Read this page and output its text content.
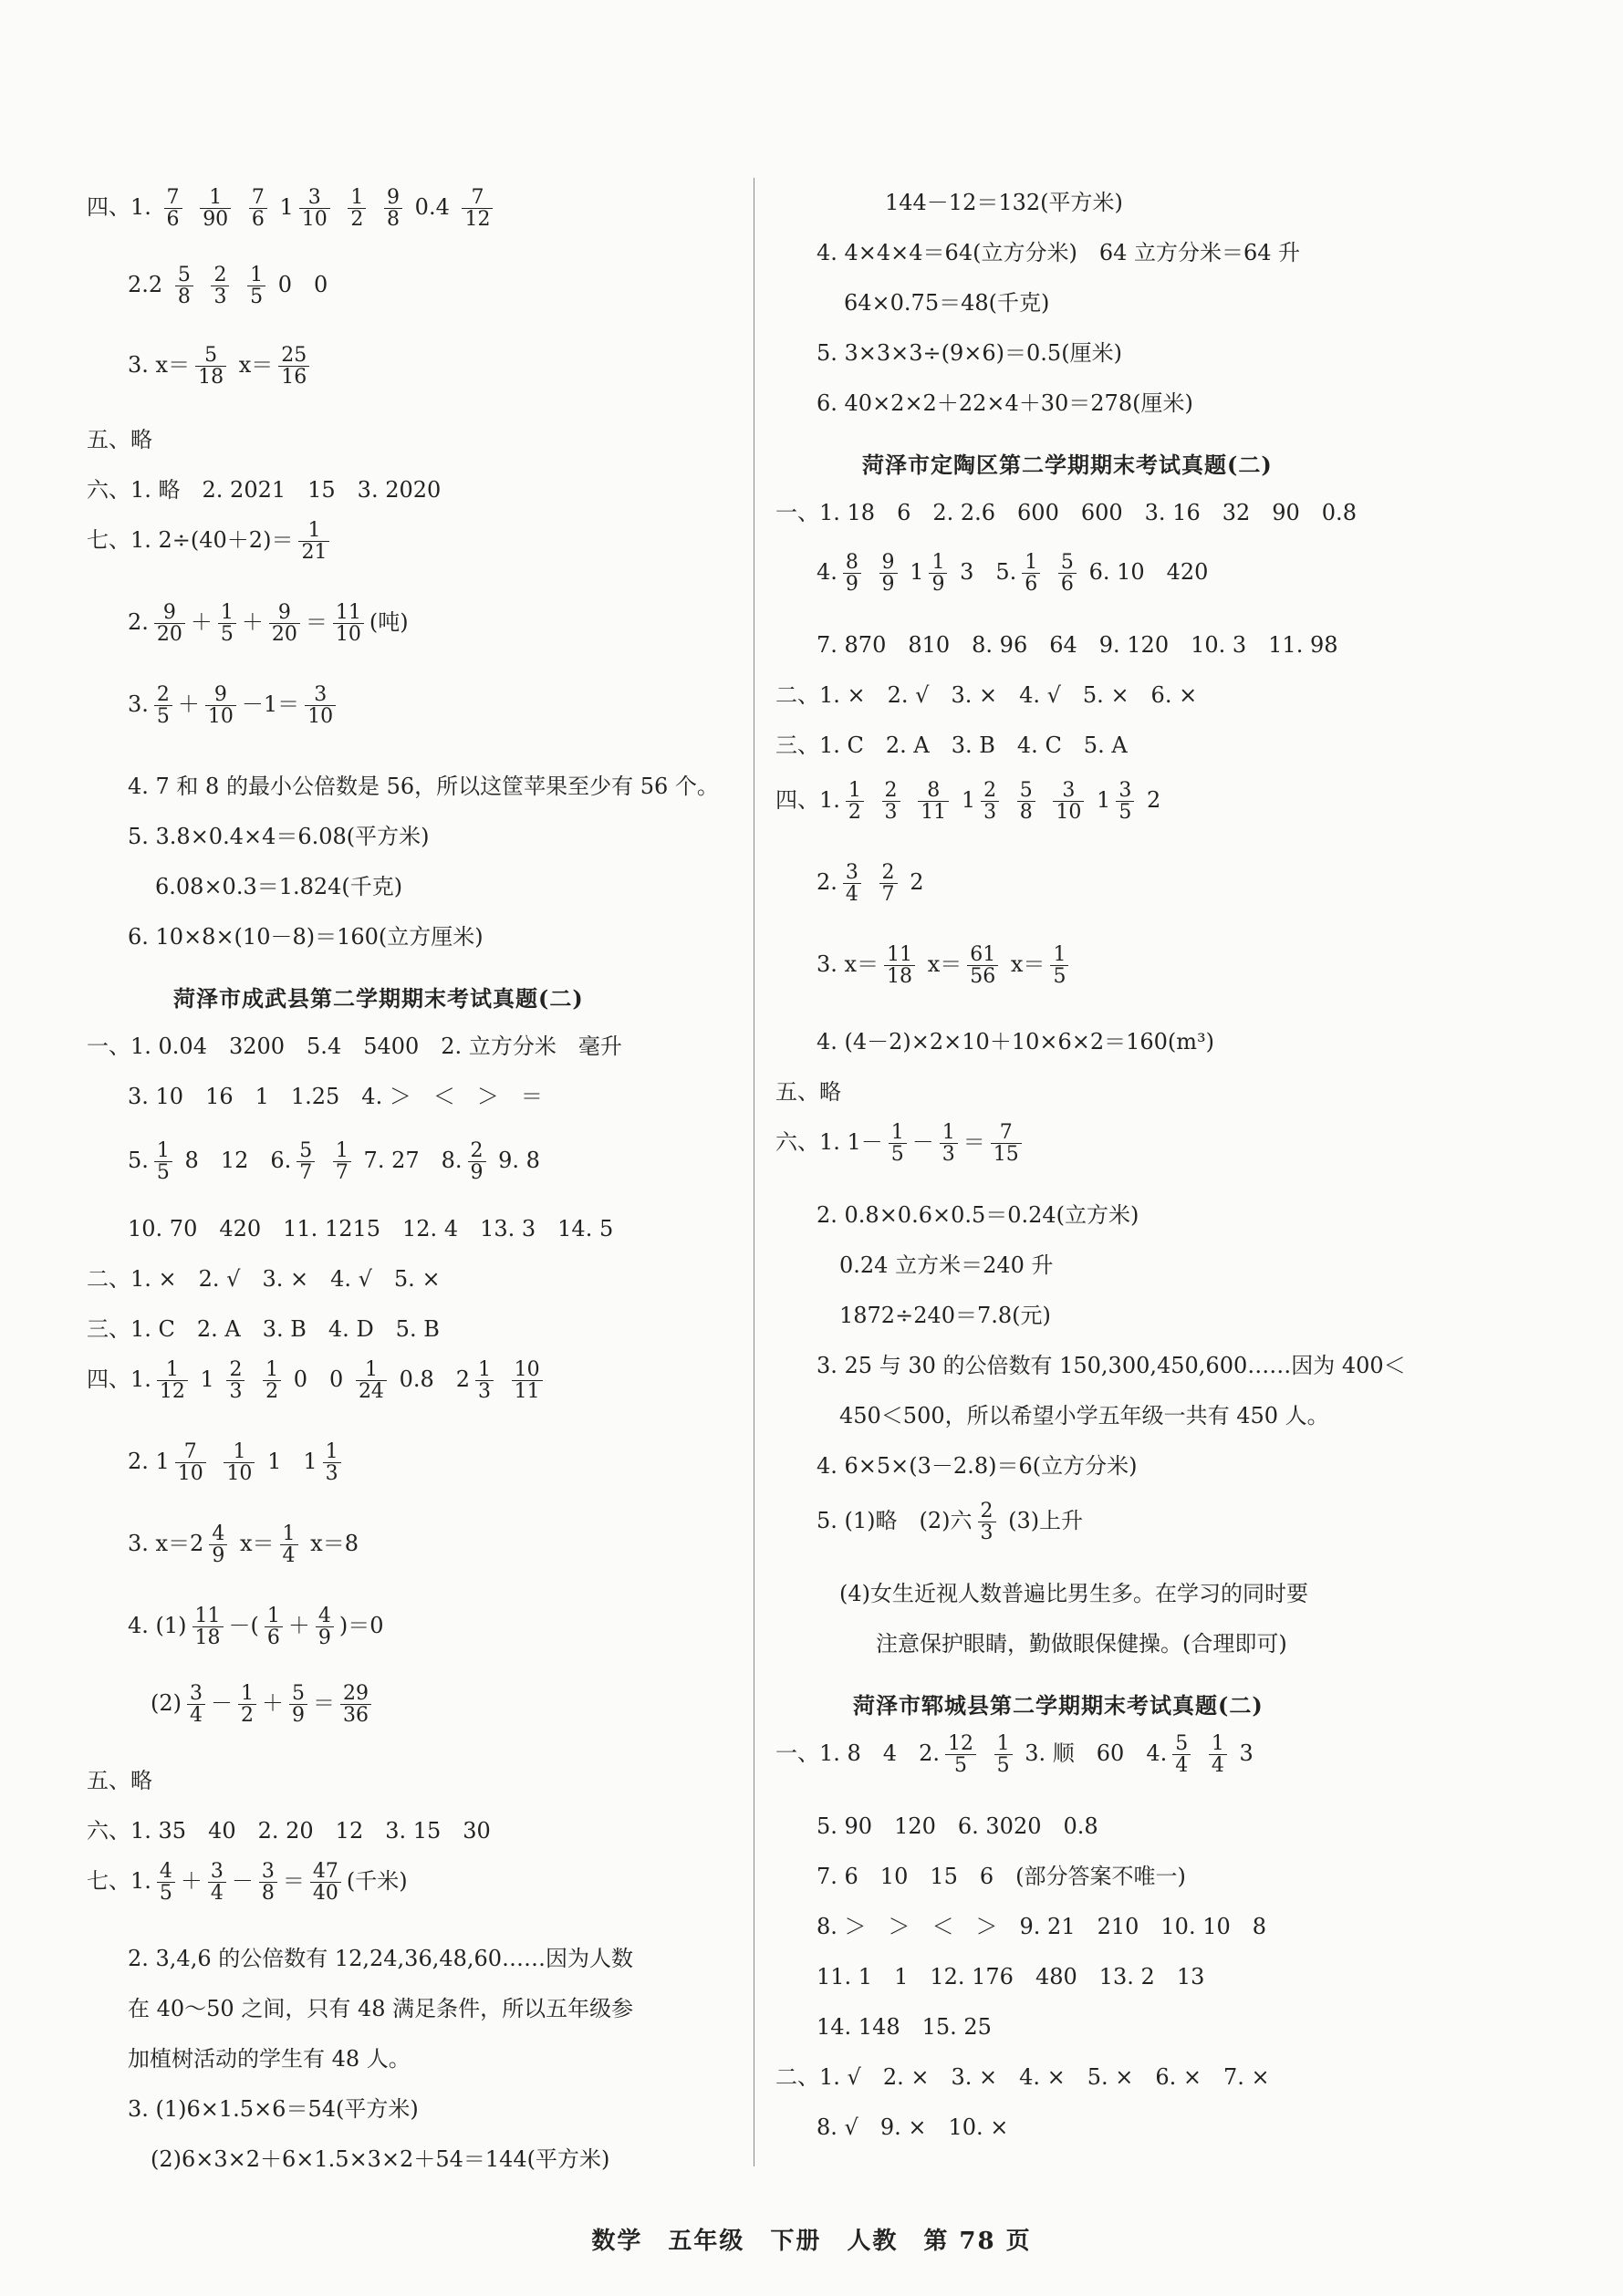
四、1. $\frac{7}{6}$
$\frac{1}{90}$
$\frac{7}{6} 1 \frac{3}{10}$
$\frac{1}{2}$
$\frac{9}{8} 0.4 \frac{7}{12}$
$2.2 \frac{5}{8}$
$\frac{2}{3}$
$\frac{1}{5} 0$　0
3. $x= \frac{5}{18} x= \frac{25}{16}$
五、略
六、1. 略　2. 2021　15　3. 2020
七、1. $2\div(40+2)= \frac{1}{21}$
2. $\frac{9}{20} + \frac{1}{5} + \frac{9}{20} = \frac{11}{10}$ (吨)
3. $\frac{2}{5} + \frac{9}{10} -1= \frac{3}{10}$
4. 7 和 8 的最小公倍数是 56，所以这筐苹果至少有 56 个。
5. 3.8×0.4×4＝6.08(平方米)
6.08×0.3＝1.824(千克)
6. 10×8×(10－8)＝160(立方厘米)
菏泽市成武县第二学期期末考试真题(二)
一、1. 0.04　3200　5.4　5400　2. 立方分米　毫升
3. 10　16　1　1.25　4. ＞　＜　＞　＝
5. $\frac{1}{5} 8$　12　6. $\frac{5}{7}$
$\frac{1}{7} 7$. 27　8. $\frac{2}{9} 9$. 8
10. 70　420　11. 1215　12. 4　13. 3　14. 5
二、1. ×　2. √　3. ×　4. √　5. ×
三、1. C　2. A　3. B　4. D　5. B
四、1. $\frac{1}{12} 1 \frac{2}{3}$
$\frac{1}{2} 0$　$0 \frac{1}{24} 0.8$　$2 \frac{1}{3}$
$\frac{10}{11}$
2. $1 \frac{7}{10}$
$\frac{1}{10} 1$　$1 \frac{1}{3}$
3. $x=2 \frac{4}{9} x= \frac{1}{4} x=8$
4. $(1) \frac{11}{18}$ －( $\frac{1}{6} + \frac{4}{9} )=0$
$(2) \frac{3}{4} - \frac{1}{2} + \frac{5}{9} = \frac{29}{36}$
五、略
六、1. 35　40　2. 20　12　3. 15　30
七、1. $\frac{4}{5} + \frac{3}{4} - \frac{3}{8} = \frac{47}{40}$ (千米)
2. 3,4,6 的公倍数有 12,24,36,48,60……因为人数
在 40～50 之间，只有 48 满足条件，所以五年级参
加植树活动的学生有 48 人。
3. (1)6×1.5×6＝54(平方米)
(2)6×3×2＋6×1.5×3×2＋54＝144(平方米)
144－12＝132(平方米)
4. 4×4×4＝64(立方分米)　64 立方分米＝64 升
64×0.75＝48(千克)
5. 3×3×3÷(9×6)＝0.5(厘米)
6. 40×2×2＋22×4＋30＝278(厘米)
菏泽市定陶区第二学期期末考试真题(二)
一、1. 18　6　2. 2.6　600　600　3. 16　32　90　0.8
4. $\frac{8}{9}$
$\frac{9}{9} 1 \frac{1}{9} 3$　5. $\frac{1}{6}$
$\frac{5}{6} 6$. 10　420
7. 870　810　8. 96　64　9. 120　10. 3　11. 98
二、1. ×　2. √　3. ×　4. √　5. ×　6. ×
三、1. C　2. A　3. B　4. C　5. A
四、1. $\frac{1}{2}$
$\frac{2}{3}$
$\frac{8}{11} 1 \frac{2}{3}$
$\frac{5}{8}$
$\frac{3}{10} 1 \frac{3}{5} 2$
2. $\frac{3}{4}$
$\frac{2}{7} 2$
3. $x= \frac{11}{18} x= \frac{61}{56} x= \frac{1}{5}$
4. (4－2)×2×10＋10×6×2＝160(m³)
五、略
六、1. $1- \frac{1}{5} - \frac{1}{3} = \frac{7}{15}$
2. 0.8×0.6×0.5＝0.24(立方米)
0.24 立方米＝240 升
1872÷240＝7.8(元)
3. 25 与 30 的公倍数有 150,300,450,600……因为 400＜
450＜500，所以希望小学五年级一共有 450 人。
4. 6×5×(3－2.8)＝6(立方分米)
5. (1)略　(2)六 $\frac{2}{3} (3)$上升
(4)女生近视人数普遍比男生多。在学习的同时要
注意保护眼睛，勤做眼保健操。(合理即可)
菏泽市郓城县第二学期期末考试真题(二)
一、1. 8　4　2. $\frac{12}{5}$
$\frac{1}{5} 3$. 顺　60　4. $\frac{5}{4}$
$\frac{1}{4} 3$
5. 90　120　6. 3020　0.8
7. 6　10　15　6　(部分答案不唯一)
8. ＞　＞　＜　＞　9. 21　210　10. 10　8
11. 1　1　12. 176　480　13. 2　13
14. 148　15. 25
二、1. √　2. ×　3. ×　4. ×　5. ×　6. ×　7. ×
8. √　9. ×　10. ×
数学　五年级　下册　人教　第 78 页
